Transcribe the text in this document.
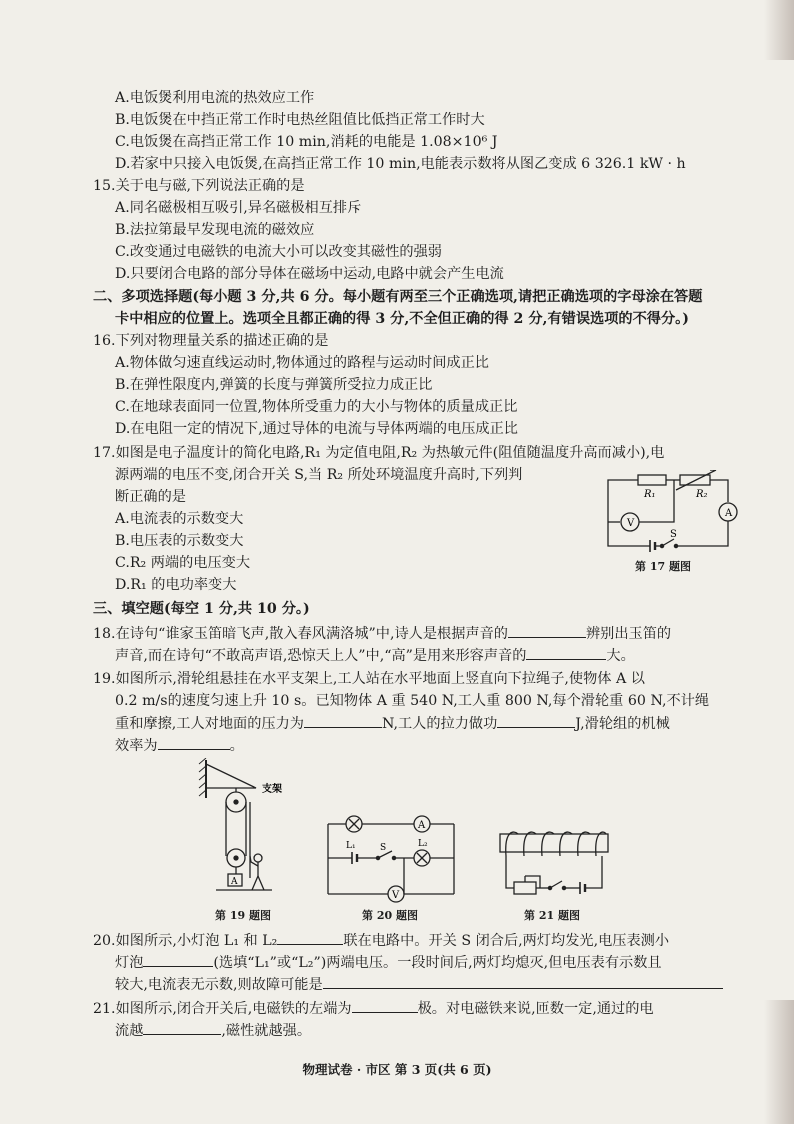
A.电饭煲利用电流的热效应工作
B.电饭煲在中挡正常工作时电热丝阻值比低挡正常工作时大
C.电饭煲在高挡正常工作 10 min,消耗的电能是 1.08×10⁶ J
D.若家中只接入电饭煲,在高挡正常工作 10 min,电能表示数将从图乙变成 6 326.1 kW · h
15.关于电与磁,下列说法正确的是
A.同名磁极相互吸引,异名磁极相互排斥
B.法拉第最早发现电流的磁效应
C.改变通过电磁铁的电流大小可以改变其磁性的强弱
D.只要闭合电路的部分导体在磁场中运动,电路中就会产生电流
二、多项选择题(每小题 3 分,共 6 分。每小题有两至三个正确选项,请把正确选项的字母涂在答题
卡中相应的位置上。选项全且都正确的得 3 分,不全但正确的得 2 分,有错误选项的不得分。)
16.下列对物理量关系的描述正确的是
A.物体做匀速直线运动时,物体通过的路程与运动时间成正比
B.在弹性限度内,弹簧的长度与弹簧所受拉力成正比
C.在地球表面同一位置,物体所受重力的大小与物体的质量成正比
D.在电阻一定的情况下,通过导体的电流与导体两端的电压成正比
17.如图是电子温度计的简化电路,R₁ 为定值电阻,R₂ 为热敏元件(阻值随温度升高而减小),电
源两端的电压不变,闭合开关 S,当 R₂ 所处环境温度升高时,下列判
断正确的是
A.电流表的示数变大
B.电压表的示数变大
C.R₂ 两端的电压变大
D.R₁ 的电功率变大
R₁	R₂
A
V
S
第 17 题图
三、填空题(每空 1 分,共 10 分。)
18.在诗句“谁家玉笛暗飞声,散入春风满洛城”中,诗人是根据声音的	辨别出玉笛的
声音,而在诗句“不敢高声语,恐惊天上人”中,“高”是用来形容声音的	大。
19.如图所示,滑轮组悬挂在水平支架上,工人站在水平地面上竖直向下拉绳子,使物体 A 以
0.2 m/s的速度匀速上升 10 s。已知物体 A 重 540 N,工人重 800 N,每个滑轮重 60 N,不计绳
重和摩擦,工人对地面的压力为	N,工人的拉力做功	J,滑轮组的机械
效率为	。
A
支架
第 19 题图
A
L₁	L₂
S
V
第 20 题图	第 21 题图
20.如图所示,小灯泡 L₁ 和 L₂	联在电路中。开关 S 闭合后,两灯均发光,电压表测小
灯泡	(选填“L₁”或“L₂”)两端电压。一段时间后,两灯均熄灭,但电压表有示数且
较大,电流表无示数,则故障可能是
21.如图所示,闭合开关后,电磁铁的左端为	极。对电磁铁来说,匝数一定,通过的电
流越	,磁性就越强。
物理试卷 · 市区 第 3 页(共 6 页)
